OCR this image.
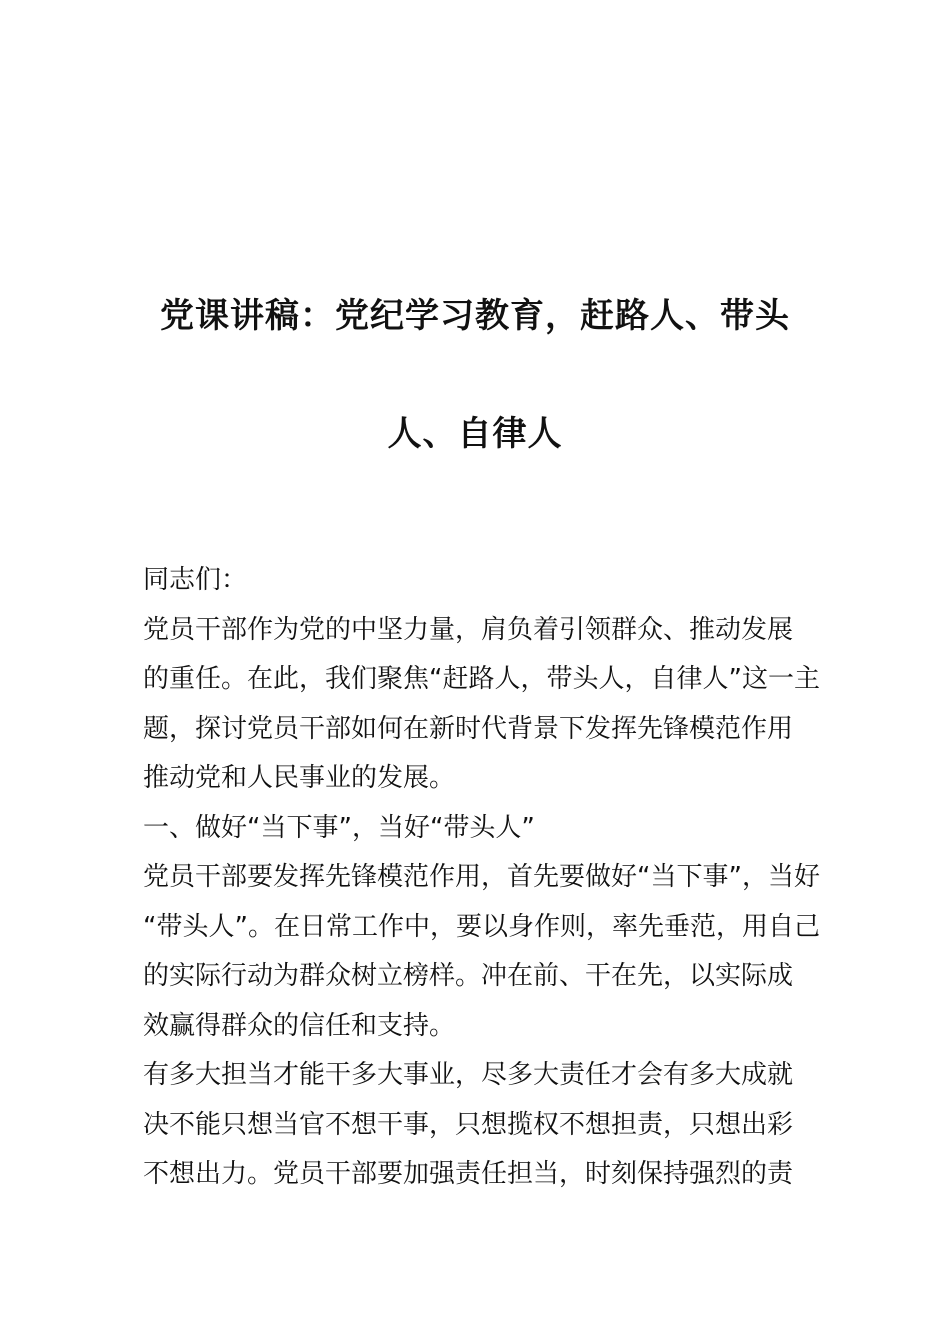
党课讲稿：党纪学习教育，赶路人、带头
人、自律人
同志们：
党员干部作为党的中坚力量，肩负着引领群众、推动发展
的重任。在此，我们聚焦“赶路人，带头人，自律人”这一主
题，探讨党员干部如何在新时代背景下发挥先锋模范作用
推动党和人民事业的发展。
一、做好“当下事”，当好“带头人”
党员干部要发挥先锋模范作用，首先要做好“当下事”，当好
“带头人”。在日常工作中，要以身作则，率先垂范，用自己
的实际行动为群众树立榜样。冲在前、干在先，以实际成
效赢得群众的信任和支持。
有多大担当才能干多大事业，尽多大责任才会有多大成就
决不能只想当官不想干事，只想揽权不想担责，只想出彩
不想出力。党员干部要加强责任担当，时刻保持强烈的责
